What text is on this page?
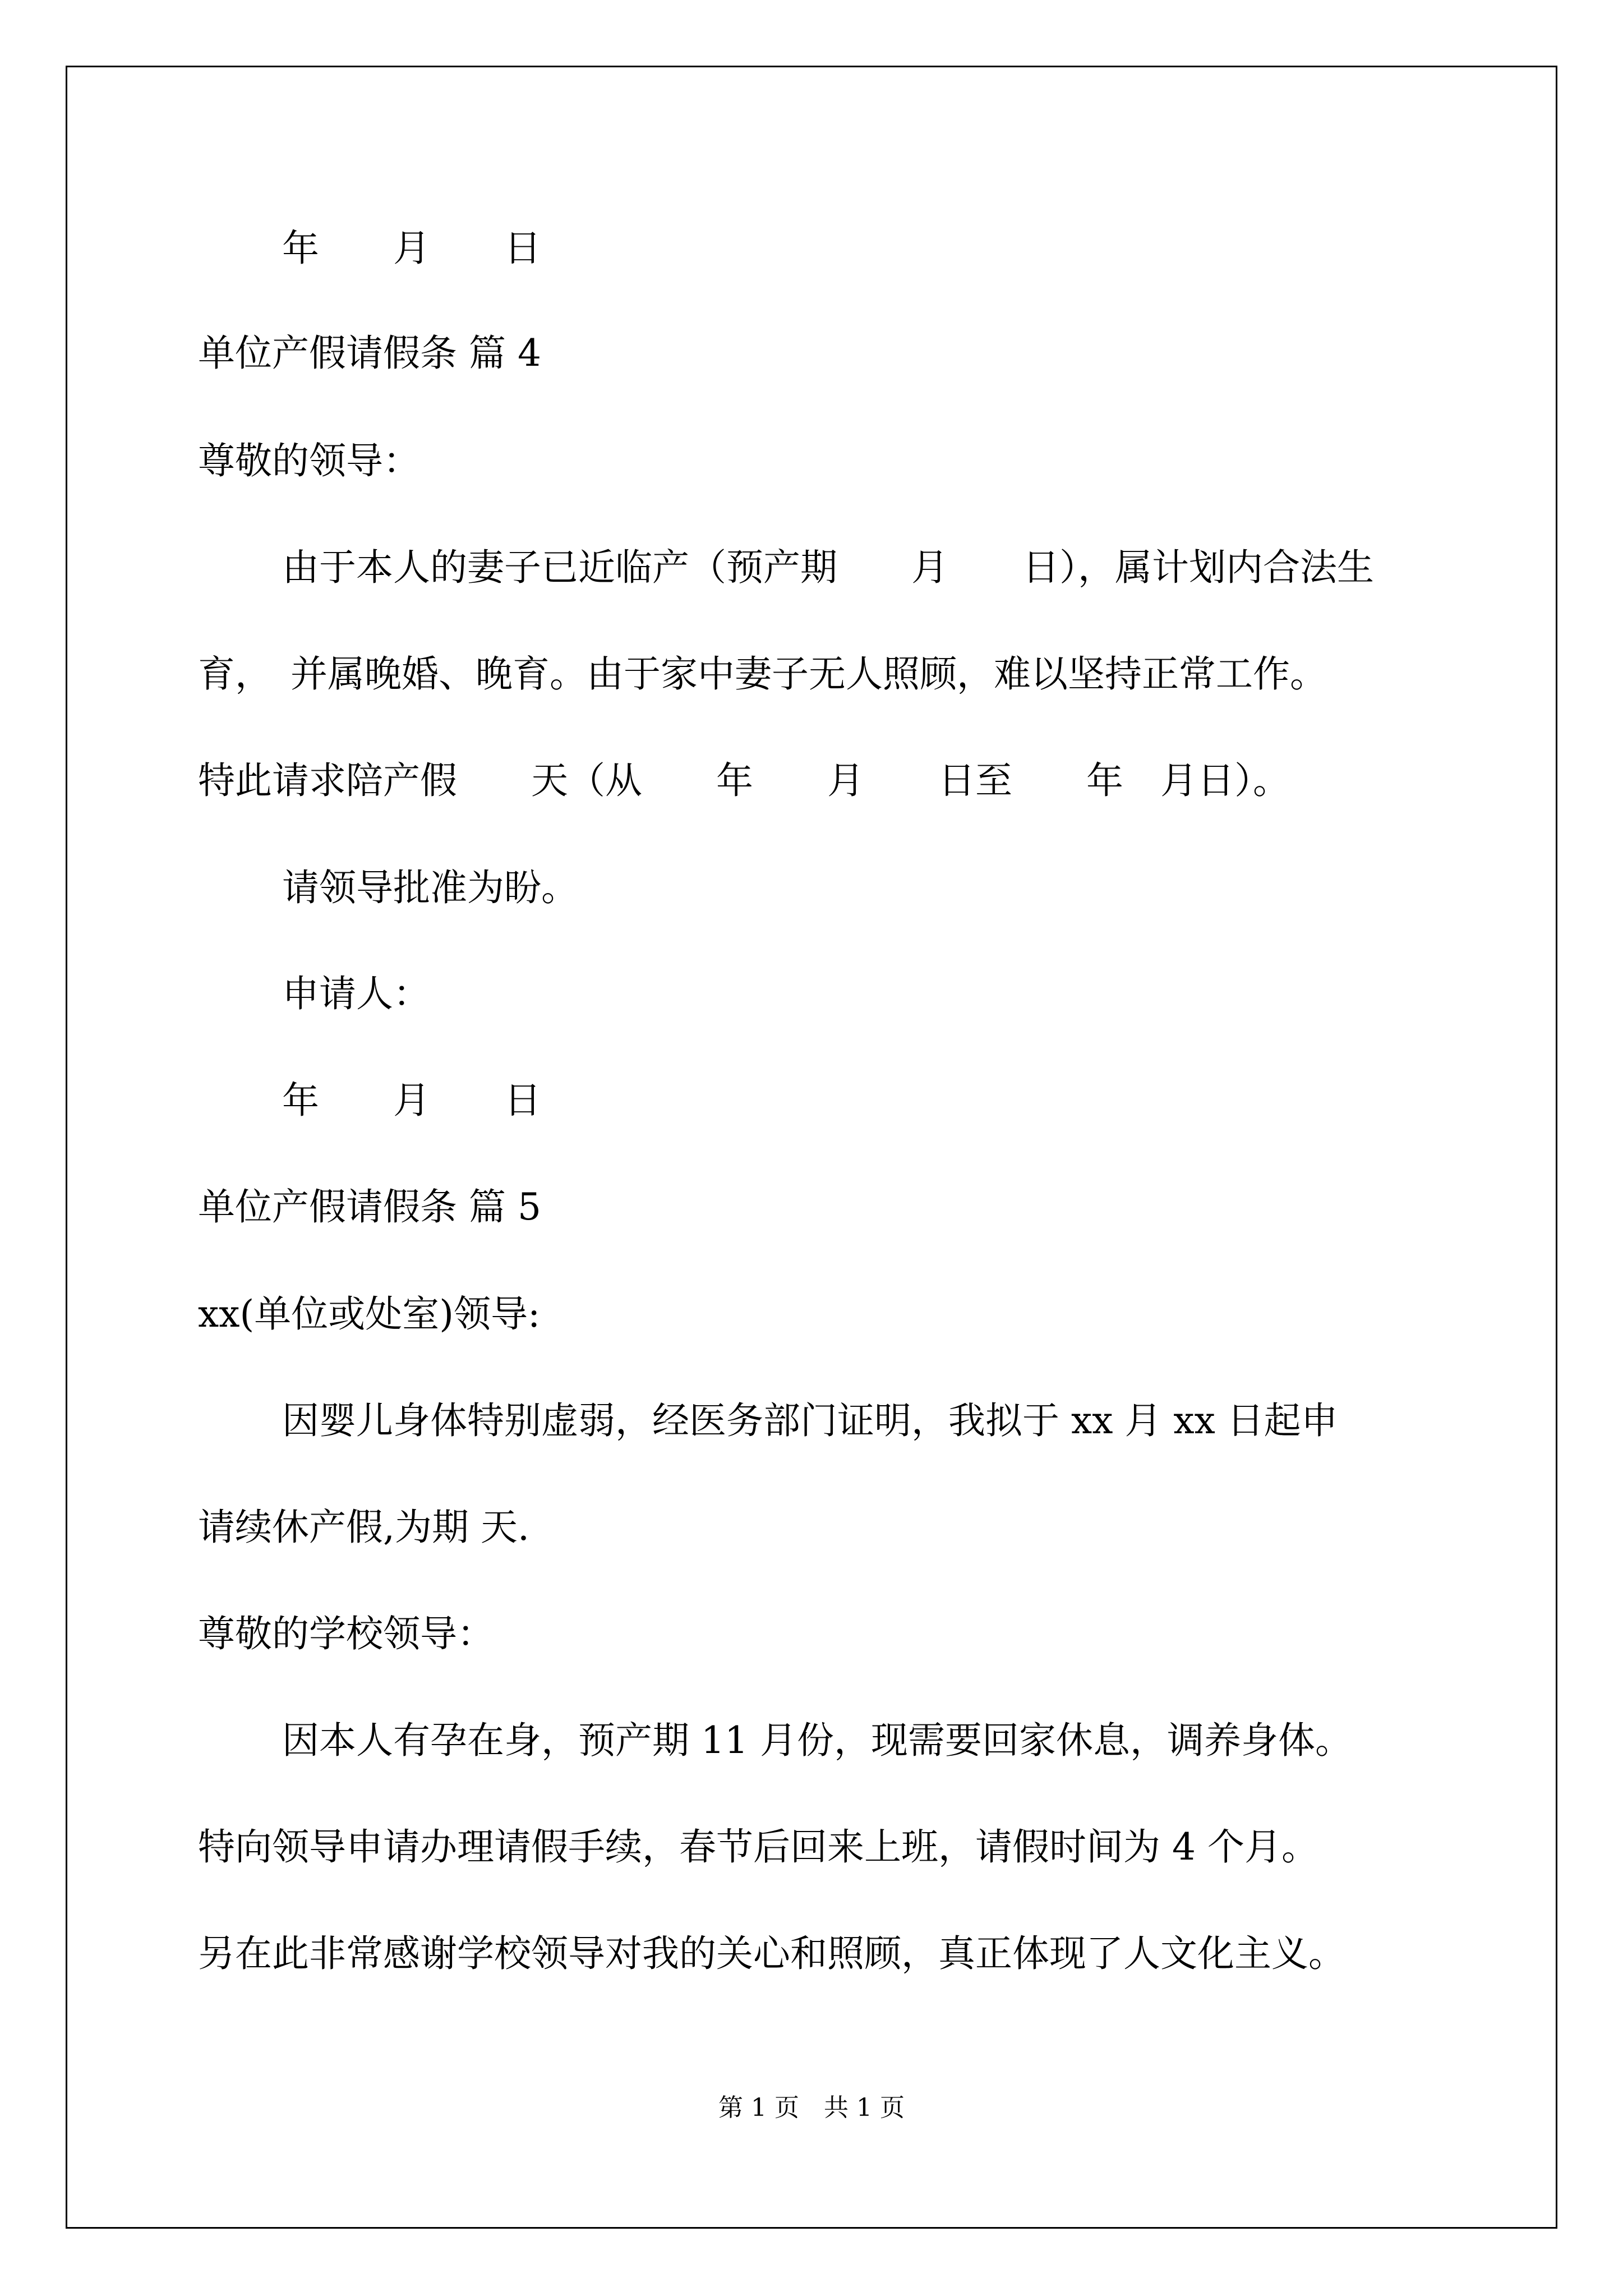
年　　月　　日
单位产假请假条 篇 4
尊敬的领导：
由于本人的妻子已近临产（预产期　　月　　日），属计划内合法生
育，　并属晚婚、晚育。由于家中妻子无人照顾，难以坚持正常工作。
特此请求陪产假　　天（从　　年　　月　　日至　　年　月日）。
请领导批准为盼。
申请人：
年　　月　　日
单位产假请假条 篇 5
xx(单位或处室)领导:
因婴儿身体特别虚弱，经医务部门证明，我拟于 xx 月 xx 日起申
请续休产假,为期 天.
尊敬的学校领导：
因本人有孕在身，预产期 11 月份，现需要回家休息，调养身体。
特向领导申请办理请假手续，春节后回来上班，请假时间为 4 个月。
另在此非常感谢学校领导对我的关心和照顾，真正体现了人文化主义。
第 1 页　共 1 页
